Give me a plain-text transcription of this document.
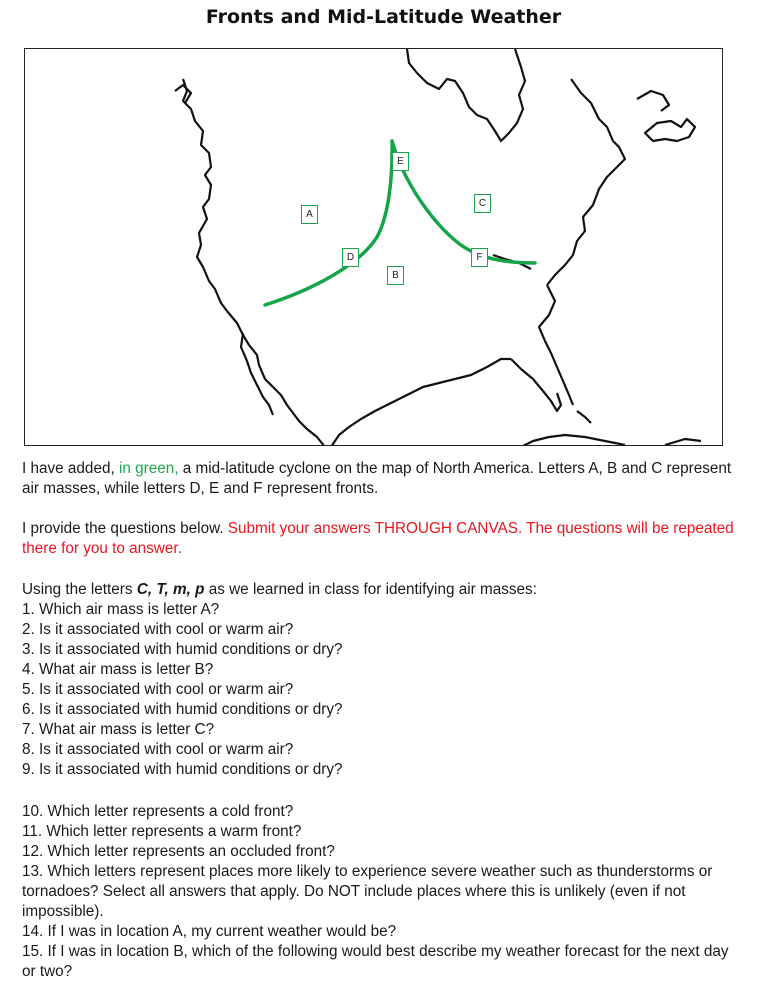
Fronts and Mid-Latitude Weather
A
B
C
D
E
F
I have added, in green, a mid-latitude cyclone on the map of North America. Letters A, B and C represent air masses, while letters D, E and F represent fronts.
I provide the questions below. Submit your answers THROUGH CANVAS. The questions will be repeated there for you to answer.
Using the letters C, T, m, p as we learned in class for identifying air masses:
1. Which air mass is letter A?
2. Is it associated with cool or warm air?
3. Is it associated with humid conditions or dry?
4. What air mass is letter B?
5. Is it associated with cool or warm air?
6. Is it associated with humid conditions or dry?
7. What air mass is letter C?
8. Is it associated with cool or warm air?
9. Is it associated with humid conditions or dry?
10. Which letter represents a cold front?
11. Which letter represents a warm front?
12. Which letter represents an occluded front?
13. Which letters represent places more likely to experience severe weather such as thunderstorms or tornadoes? Select all answers that apply. Do NOT include places where this is unlikely (even if not impossible).
14. If I was in location A, my current weather would be?
15. If I was in location B, which of the following would best describe my weather forecast for the next day or two?
